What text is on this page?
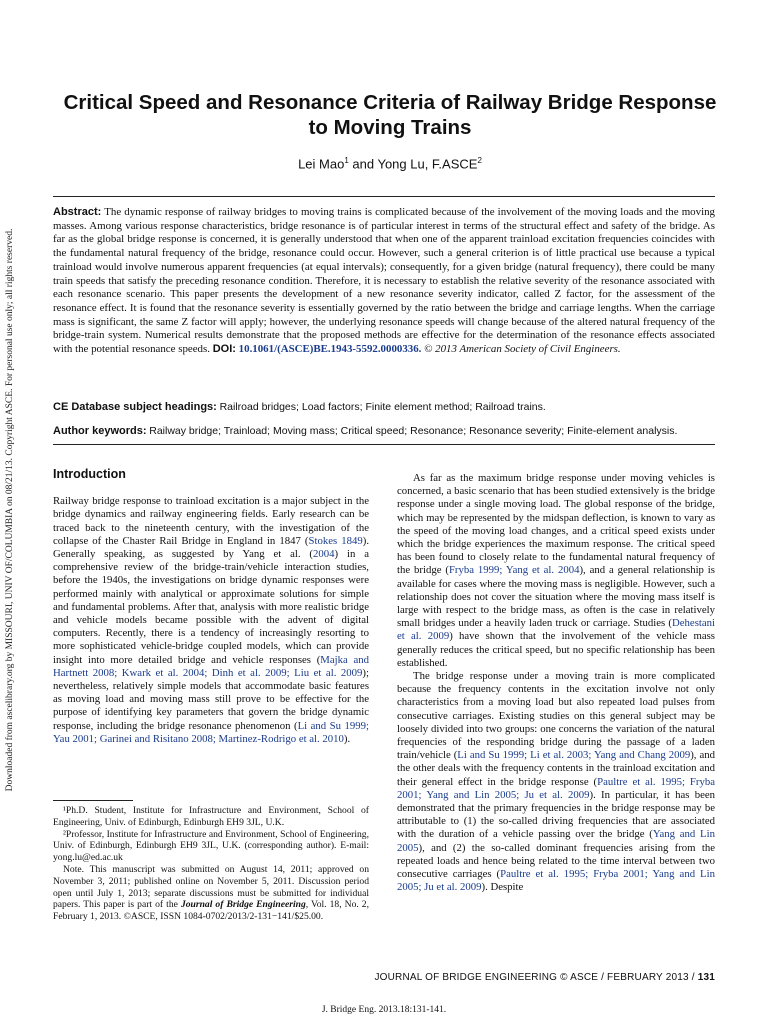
Downloaded from ascelibrary.org by MISSOURI, UNIV OF/COLUMBIA on 08/21/13. Copyright ASCE. For personal use only; all rights reserved.
Critical Speed and Resonance Criteria of Railway Bridge Response to Moving Trains
Lei Mao$^1$ and Yong Lu, F.ASCE$^2$

Abstract: The dynamic response of railway bridges to moving trains is complicated because of the involvement of the moving loads and the moving masses. Among various response characteristics, bridge resonance is of particular interest in terms of the structural effect and safety of the bridge. As far as the global bridge response is concerned, it is generally understood that when one of the apparent trainload excitation frequencies coincides with the fundamental natural frequency of the bridge, resonance could occur. However, such a general criterion is of little practical use because a typical trainload would involve numerous apparent frequencies (at equal intervals); consequently, for a given bridge (natural frequency), there could be many train speeds that satisfy the preceding resonance condition. Therefore, it is necessary to establish the relative severity of the resonance associated with each resonance scenario. This paper presents the development of a new resonance severity indicator, called Z factor, for the assessment of the resonance effect. It is found that the resonance severity is essentially governed by the ratio between the bridge and carriage lengths. When the carriage mass is significant, the same Z factor will apply; however, the underlying resonance speeds will change because of the altered natural frequency of the bridge-train system. Numerical results demonstrate that the proposed methods are effective for the determination of the resonance effects associated with the potential resonance speeds. DOI: 10.1061/(ASCE)BE.1943-5592.0000336. © 2013 American Society of Civil Engineers.

CE Database subject headings: Railroad bridges; Load factors; Finite element method; Railroad trains.

Author keywords: Railway bridge; Trainload; Moving mass; Critical speed; Resonance; Resonance severity; Finite-element analysis.

Introduction

Railway bridge response to trainload excitation is a major subject in the bridge dynamics and railway engineering fields. Early research can be traced back to the nineteenth century, with the investigation of the collapse of the Chaster Rail Bridge in England in 1847 (Stokes 1849). Generally speaking, as suggested by Yang et al. (2004) in a comprehensive review of the bridge-train/vehicle interaction studies, before the 1940s, the investigations on bridge dynamic responses were performed mainly with analytical or approximate solutions for simple and fundamental problems. After that, analysis with more realistic bridge and vehicle models became possible with the advent of digital computers. Recently, there is a tendency of increasingly resorting to more sophisticated vehicle-bridge coupled models, which can provide insight into more detailed bridge and vehicle responses (Majka and Hartnett 2008; Kwark et al. 2004; Dinh et al. 2009; Liu et al. 2009); nevertheless, relatively simple models that accommodate basic features as moving load and moving mass still prove to be effective for the purpose of identifying key parameters that govern the bridge dynamic response, including the bridge resonance phenomenon (Li and Su 1999; Yau 2001; Garinei and Risitano 2008; Martinez-Rodrigo et al. 2010).

¹Ph.D. Student, Institute for Infrastructure and Environment, School of Engineering, Univ. of Edinburgh, Edinburgh EH9 3JL, U.K.

²Professor, Institute for Infrastructure and Environment, School of Engineering, Univ. of Edinburgh, Edinburgh EH9 3JL, U.K. (corresponding author). E-mail: yong.lu@ed.ac.uk

Note. This manuscript was submitted on August 14, 2011; approved on November 3, 2011; published online on November 5, 2011. Discussion period open until July 1, 2013; separate discussions must be submitted for individual papers. This paper is part of the Journal of Bridge Engineering, Vol. 18, No. 2, February 1, 2013. ©ASCE, ISSN 1084-0702/2013/2-131−141/$25.00.

As far as the maximum bridge response under moving vehicles is concerned, a basic scenario that has been studied extensively is the bridge response under a single moving load. The global response of the bridge, which may be represented by the midspan deflection, is known to vary as the speed of the moving load changes, and a critical speed exists under which the bridge experiences the maximum response. The critical speed has been found to closely relate to the fundamental natural frequency of the bridge (Fryba 1999; Yang et al. 2004), and a general relationship is available for cases where the moving mass is negligible. However, such a relationship does not cover the situation where the moving mass itself is large with respect to the bridge mass, as often is the case in relatively small bridges under a heavily laden truck or carriage. Studies (Dehestani et al. 2009) have shown that the involvement of the vehicle mass generally reduces the critical speed, but no specific relationship has been established.

The bridge response under a moving train is more complicated because the frequency contents in the excitation involve not only characteristics from a moving load but also repeated load pulses from consecutive carriages. Existing studies on this general subject may be loosely divided into two groups: one concerns the variation of the natural frequencies of the responding bridge during the passage of a laden train/vehicle (Li and Su 1999; Li et al. 2003; Yang and Chang 2009), and the other deals with the frequency contents in the trainload excitation and their general effect in the bridge response (Paultre et al. 1995; Fryba 2001; Yang and Lin 2005; Ju et al. 2009). In particular, it has been demonstrated that the primary frequencies in the bridge response may be attributable to (1) the so-called driving frequencies that are associated with the duration of a vehicle passing over the bridge (Yang and Lin 2005), and (2) the so-called dominant frequencies arising from the repeated loads and hence being related to the time interval between two consecutive carriages (Paultre et al. 1995; Fryba 2001; Yang and Lin 2005; Ju et al. 2009). Despite

JOURNAL OF BRIDGE ENGINEERING © ASCE / FEBRUARY 2013 / 131
J. Bridge Eng. 2013.18:131-141.
